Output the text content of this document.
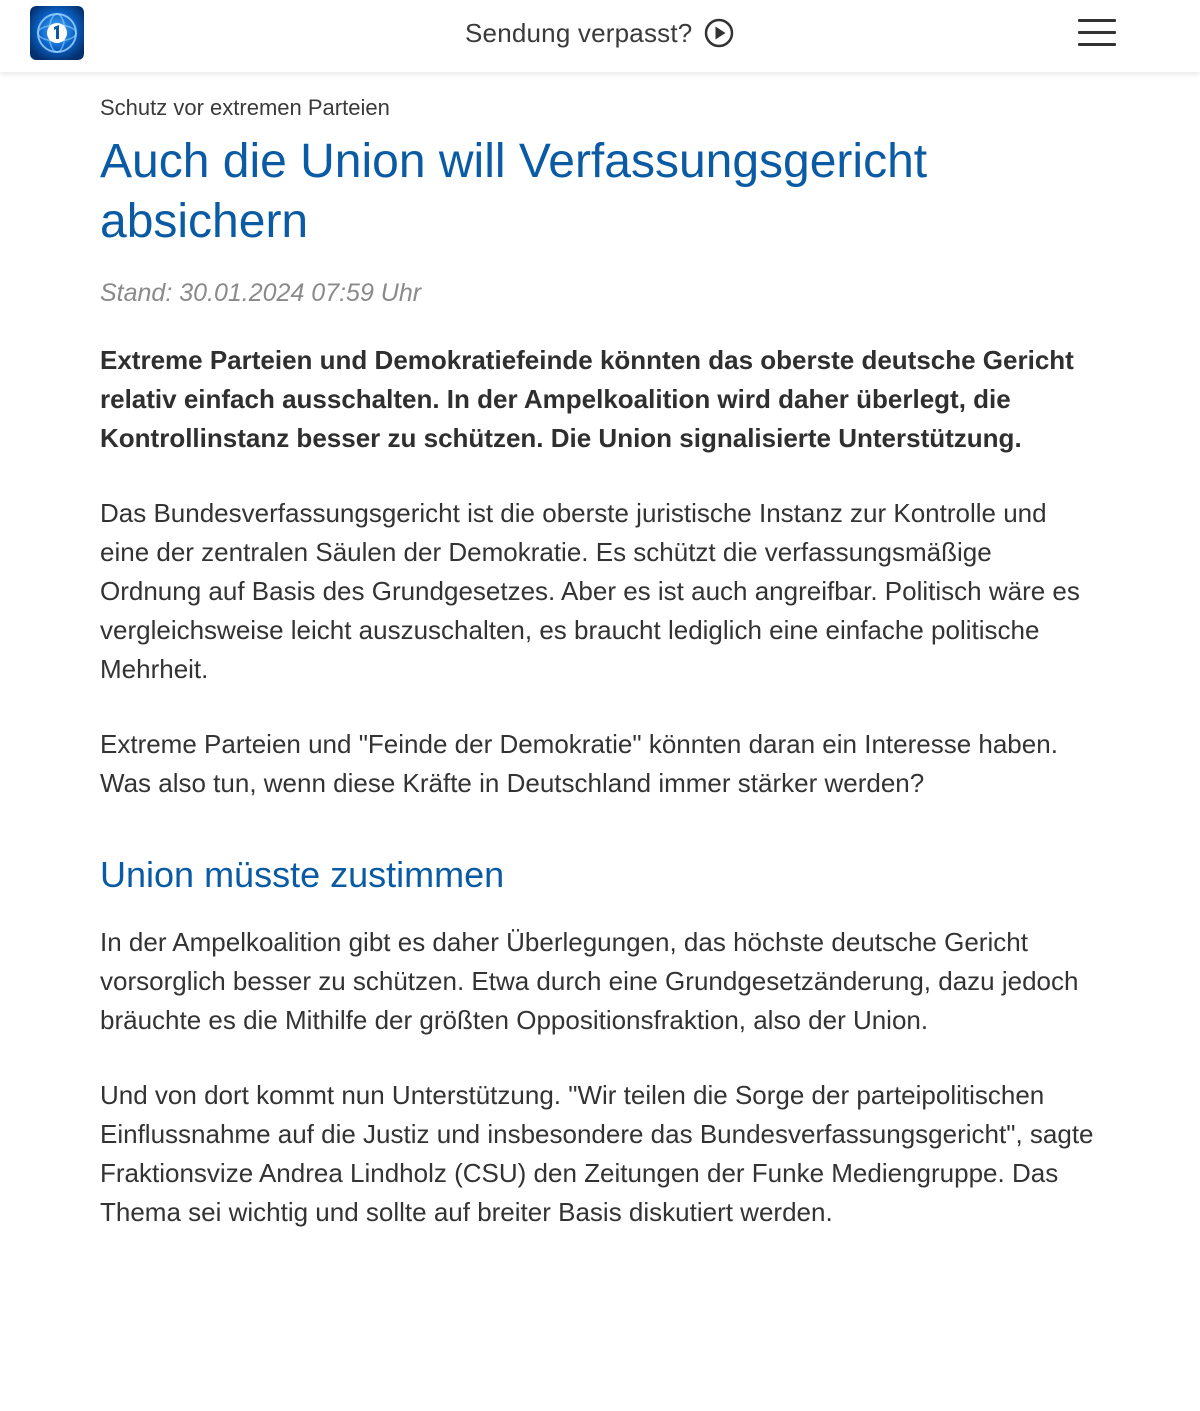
Sendung verpasst?

Schutz vor extremen Parteien

Auch die Union will Verfassungsgericht absichern

Stand: 30.01.2024 07:59 Uhr

Extreme Parteien und Demokratiefeinde könnten das oberste deutsche Gericht relativ einfach ausschalten. In der Ampelkoalition wird daher überlegt, die Kontrollinstanz besser zu schützen. Die Union signalisierte Unterstützung.

Das Bundesverfassungsgericht ist die oberste juristische Instanz zur Kontrolle und eine der zentralen Säulen der Demokratie. Es schützt die verfassungsmäßige Ordnung auf Basis des Grundgesetzes. Aber es ist auch angreifbar. Politisch wäre es vergleichsweise leicht auszuschalten, es braucht lediglich eine einfache politische Mehrheit.

Extreme Parteien und "Feinde der Demokratie" könnten daran ein Interesse haben. Was also tun, wenn diese Kräfte in Deutschland immer stärker werden?

Union müsste zustimmen

In der Ampelkoalition gibt es daher Überlegungen, das höchste deutsche Gericht vorsorglich besser zu schützen. Etwa durch eine Grundgesetzänderung, dazu jedoch bräuchte es die Mithilfe der größten Oppositionsfraktion, also der Union.

Und von dort kommt nun Unterstützung. "Wir teilen die Sorge der parteipolitischen Einflussnahme auf die Justiz und insbesondere das Bundesverfassungsgericht", sagte Fraktionsvize Andrea Lindholz (CSU) den Zeitungen der Funke Mediengruppe. Das Thema sei wichtig und sollte auf breiter Basis diskutiert werden.
